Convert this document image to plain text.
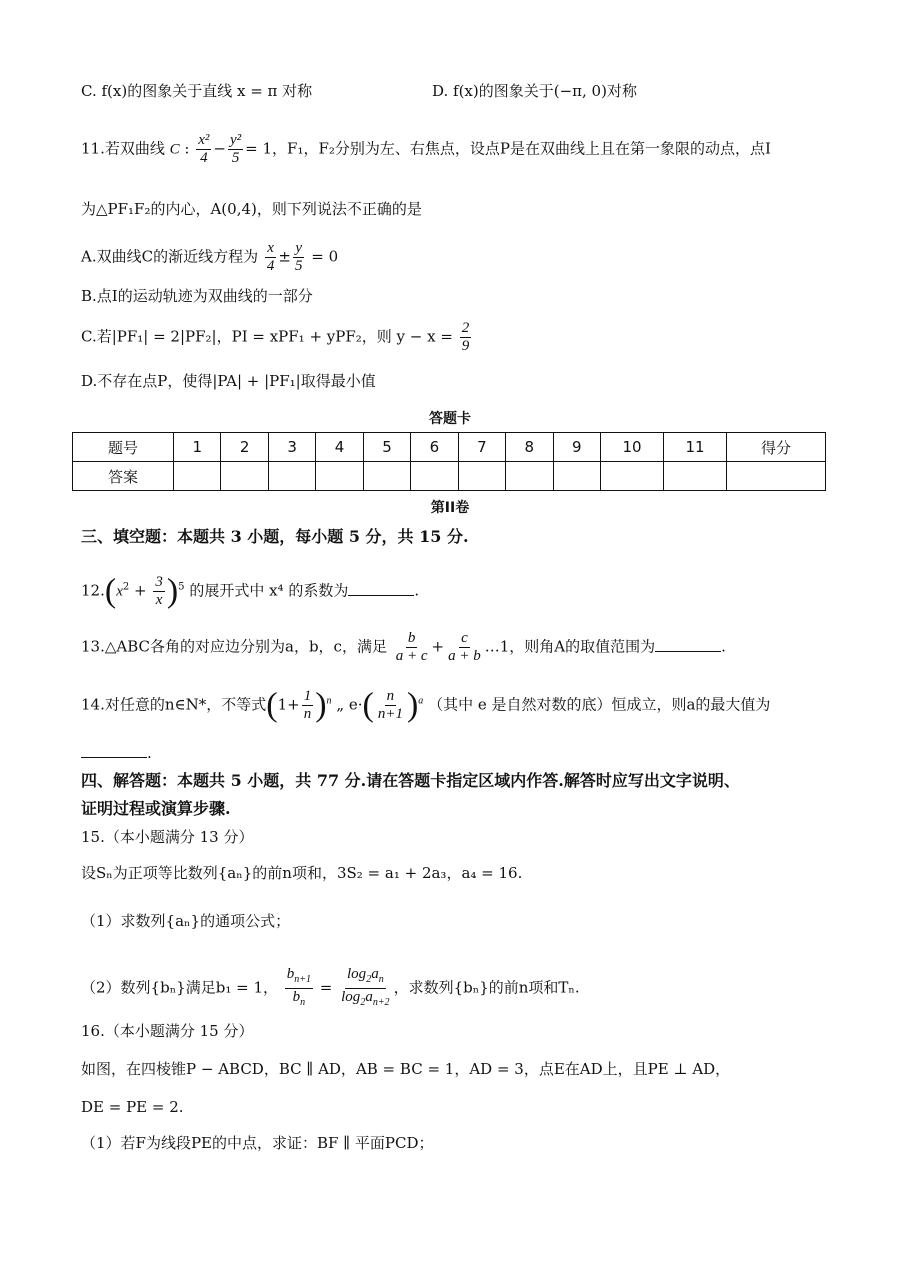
C. f(x)的图象关于直线 x = π 对称	D. f(x)的图象关于(−π, 0)对称
11.若双曲线 C : $\frac{\text{x²}}{4} - \frac{\text{y²}}{5} = 1$，F₁，F₂分别为左、右焦点，设点P是在双曲线上且在第一象限的动点，点I
为△PF₁F₂的内心，A(0,4)，则下列说法不正确的是
A.双曲线C的渐近线方程为 $\frac{x}{4} \pm \frac{y}{5} = 0$
B.点I的运动轨迹为双曲线的一部分
C.若|PF₁| = 2|PF₂|，PI = xPF₁ + yPF₂，则 $y - x = \frac{2}{9}$
D.不存在点P，使得|PA| + |PF₁|取得最小值
答题卡
题号	1	2	3	4	5	6	7	8	9	10	11	得分
答案												
第II卷
三、填空题：本题共 3 小题，每小题 5 分，共 15 分.
$12.(x^2 + \frac{3}{x} )^5$ 的展开式中 x⁴ 的系数为	.
13.△ABC各角的对应边分别为a，b，c，满足 $\frac{b}{a + c} + \frac{c}{a + b}$ …1，则角A的取值范围为	.
14.对任意的n∈N*，不等式$(1+ \frac{1}{n} )^n$ „ $e\cdot( \frac{n}{n+1} )^a$ （其中 e 是自然对数的底）恒成立，则a的最大值为
.
四、解答题：本题共 5 小题，共 77 分.请在答题卡指定区域内作答.解答时应写出文字说明、
证明过程或演算步骤.
15.（本小题满分 13 分）
设Sₙ为正项等比数列{aₙ}的前n项和，3S₂ = a₁ + 2a₃，a₄ = 16.
（1）求数列{aₙ}的通项公式；
（2）数列{bₙ}满足b₁ = 1， $\frac{b_{n+1}}{b_n} = \frac{\log_2a_n}{\log_2a_{n+2}}$ ，求数列{bₙ}的前n项和Tₙ.
16.（本小题满分 15 分）
如图，在四棱锥P − ABCD，BC ∥ AD，AB = BC = 1，AD = 3，点E在AD上，且PE ⊥ AD，
DE = PE = 2.
（1）若F为线段PE的中点，求证：BF ∥ 平面PCD；
